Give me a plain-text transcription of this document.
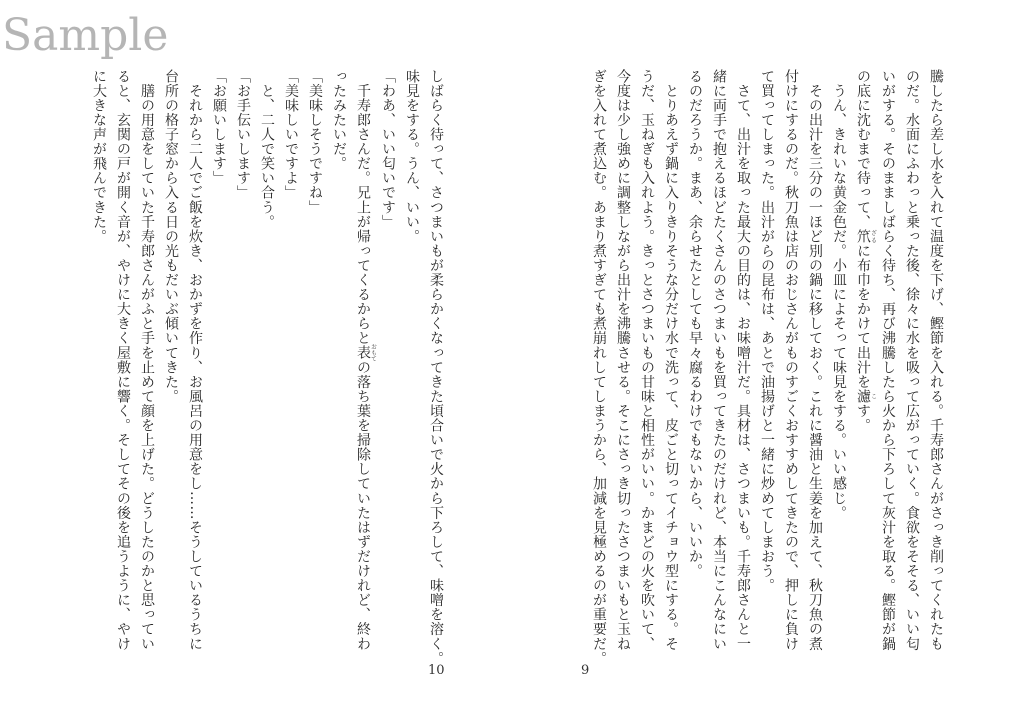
Sample
騰したら差し水を入れて温度を下げ、鰹節を入れる。千寿郎さんがさっき削ってくれたも
のだ。水面にふわっと乗った後、徐々に水を吸って広がっていく。食欲をそそる、いい匂
いがする。そのまましばらく待ち、再び沸騰したら火から下ろして灰汁を取る。鰹節が鍋
の底に沈むまで待って、笊ざるに布巾をかけて出汁を濾こす。
　うん、きれいな黄金色だ。小皿によそって味見をする。いい感じ。
　その出汁を三分の一ほど別の鍋に移しておく。これに醤油と生姜を加えて、秋刀魚の煮
付けにするのだ。秋刀魚は店のおじさんがものすごくおすすめしてきたので、押しに負け
て買ってしまった。出汁がらの昆布は、あとで油揚げと一緒に炒めてしまおう。
　さて、出汁を取った最大の目的は、お味噌汁だ。具材は、さつまいも。千寿郎さんと一
緒に両手で抱えるほどたくさんのさつまいもを買ってきたのだけれど、本当にこんなにい
るのだろうか。まあ、余らせたとしても早々腐るわけでもないから、いいか。
　とりあえず鍋に入りきりそうな分だけ水で洗って、皮ごと切ってイチョウ型にする。そ
うだ、玉ねぎも入れよう。きっとさつまいもの甘味と相性がいい。かまどの火を吹いて、
今度は少し強めに調整しながら出汁を沸騰させる。そこにさっき切ったさつまいもと玉ね
ぎを入れて煮込む。あまり煮すぎても煮崩れしてしまうから、加減を見極めるのが重要だ。
しばらく待って、さつまいもが柔らかくなってきた頃合いで火から下ろして、味噌を溶く。
味見をする。うん、いい。
「わあ、いい匂いです」
　千寿郎さんだ。兄上が帰ってくるからと表おもての落ち葉を掃除していたはずだけれど、終わ
ったみたいだ。
「美味しそうですね」
「美味しいですよ」
　と、二人で笑い合う。
「お手伝いします」
「お願いします」
　それから二人でご飯を炊き、おかずを作り、お風呂の用意をし……そうしているうちに
台所の格子窓から入る日の光もだいぶ傾いてきた。
　膳の用意をしていた千寿郎さんがふと手を止めて顔を上げた。どうしたのかと思ってい
ると、玄関の戸が開く音が、やけに大きく屋敷に響く。そしてその後を追うように、やけ
に大きな声が飛んできた。
10	9
